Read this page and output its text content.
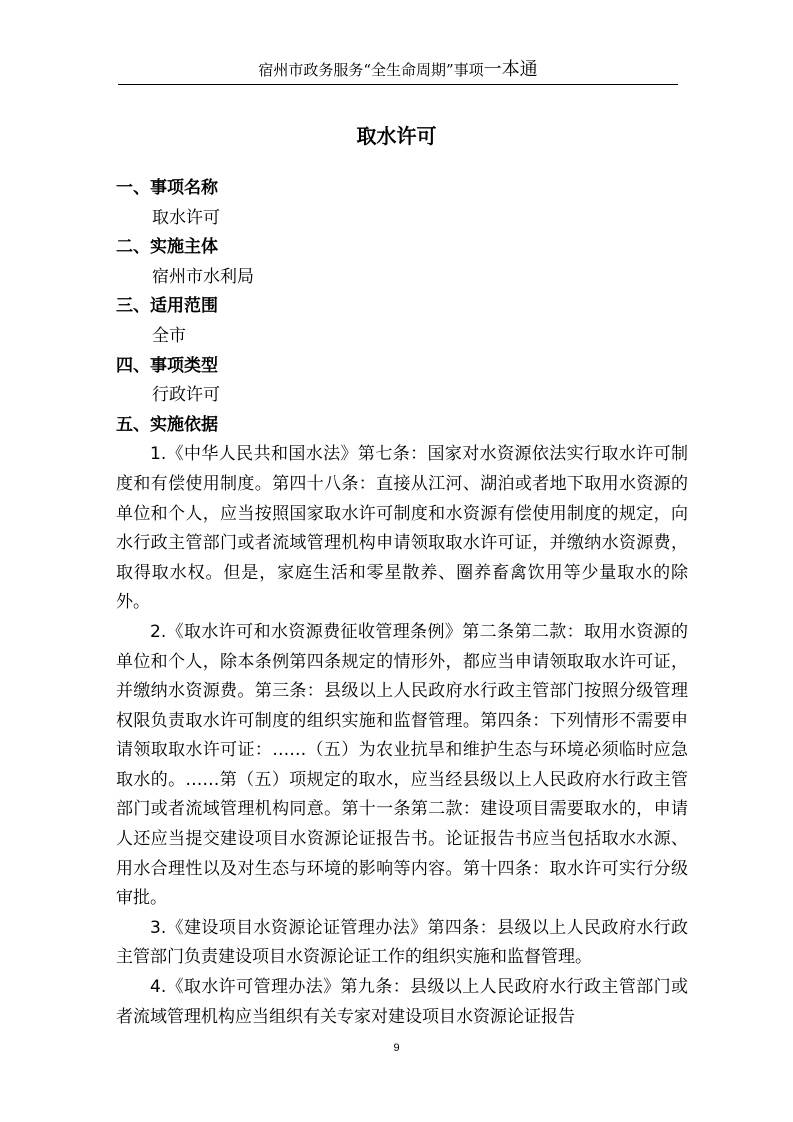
宿州市政务服务“全生命周期”事项一本通
取水许可
一、事项名称
取水许可
二、实施主体
宿州市水利局
三、适用范围
全市
四、事项类型
行政许可
五、实施依据
1.《中华人民共和国水法》第七条：国家对水资源依法实行取水许可制度和有偿使用制度。第四十八条：直接从江河、湖泊或者地下取用水资源的单位和个人，应当按照国家取水许可制度和水资源有偿使用制度的规定，向水行政主管部门或者流域管理机构申请领取取水许可证，并缴纳水资源费，取得取水权。但是，家庭生活和零星散养、圈养畜禽饮用等少量取水的除外。
2.《取水许可和水资源费征收管理条例》第二条第二款：取用水资源的单位和个人，除本条例第四条规定的情形外，都应当申请领取取水许可证，并缴纳水资源费。第三条：县级以上人民政府水行政主管部门按照分级管理权限负责取水许可制度的组织实施和监督管理。第四条：下列情形不需要申请领取取水许可证：……（五）为农业抗旱和维护生态与环境必须临时应急取水的。……第（五）项规定的取水，应当经县级以上人民政府水行政主管部门或者流域管理机构同意。第十一条第二款：建设项目需要取水的，申请人还应当提交建设项目水资源论证报告书。论证报告书应当包括取水水源、用水合理性以及对生态与环境的影响等内容。第十四条：取水许可实行分级审批。
3.《建设项目水资源论证管理办法》第四条：县级以上人民政府水行政主管部门负责建设项目水资源论证工作的组织实施和监督管理。
4.《取水许可管理办法》第九条：县级以上人民政府水行政主管部门或者流域管理机构应当组织有关专家对建设项目水资源论证报告
9
